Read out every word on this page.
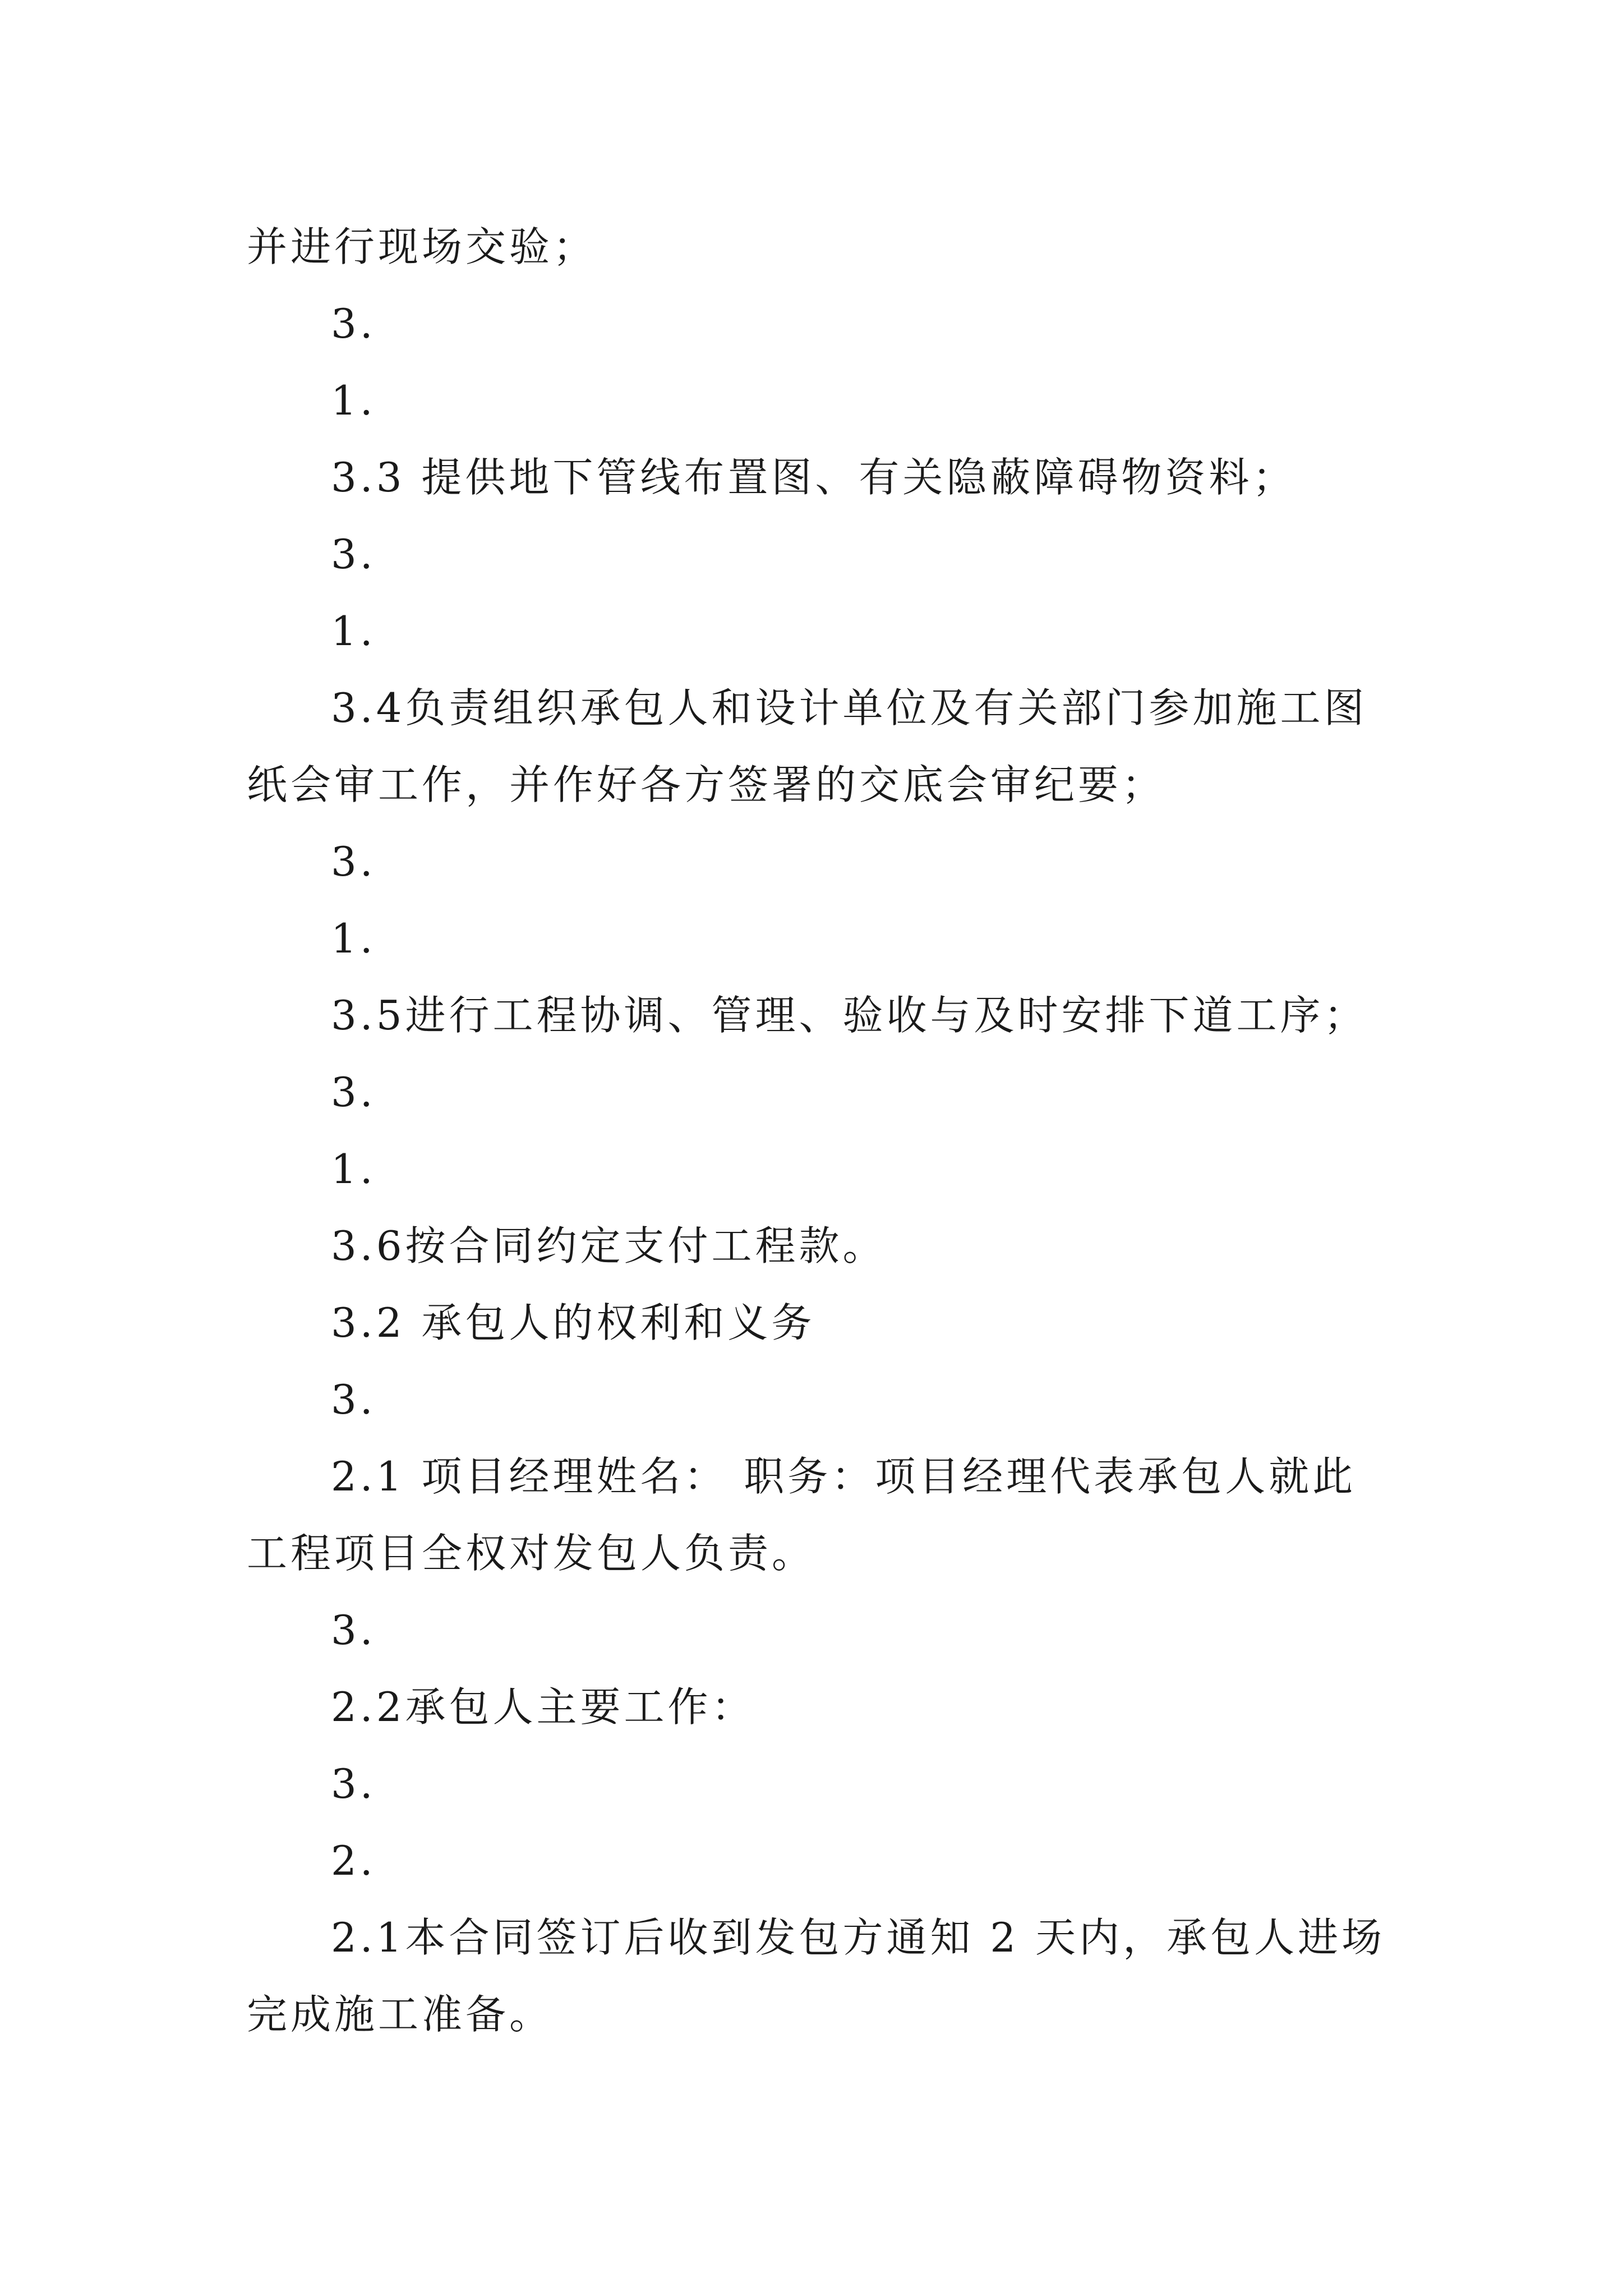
并进行现场交验；
3.
1.
3.3 提供地下管线布置图、有关隐蔽障碍物资料；
3.
1.
3.4负责组织承包人和设计单位及有关部门参加施工图
纸会审工作，并作好各方签署的交底会审纪要；
3.
1.
3.5进行工程协调、管理、验收与及时安排下道工序；
3.
1.
3.6按合同约定支付工程款。
3.2 承包人的权利和义务
3.
2.1 项目经理姓名： 职务：项目经理代表承包人就此
工程项目全权对发包人负责。
3.
2.2承包人主要工作：
3.
2.
2.1本合同签订后收到发包方通知 2 天内，承包人进场
完成施工准备。
